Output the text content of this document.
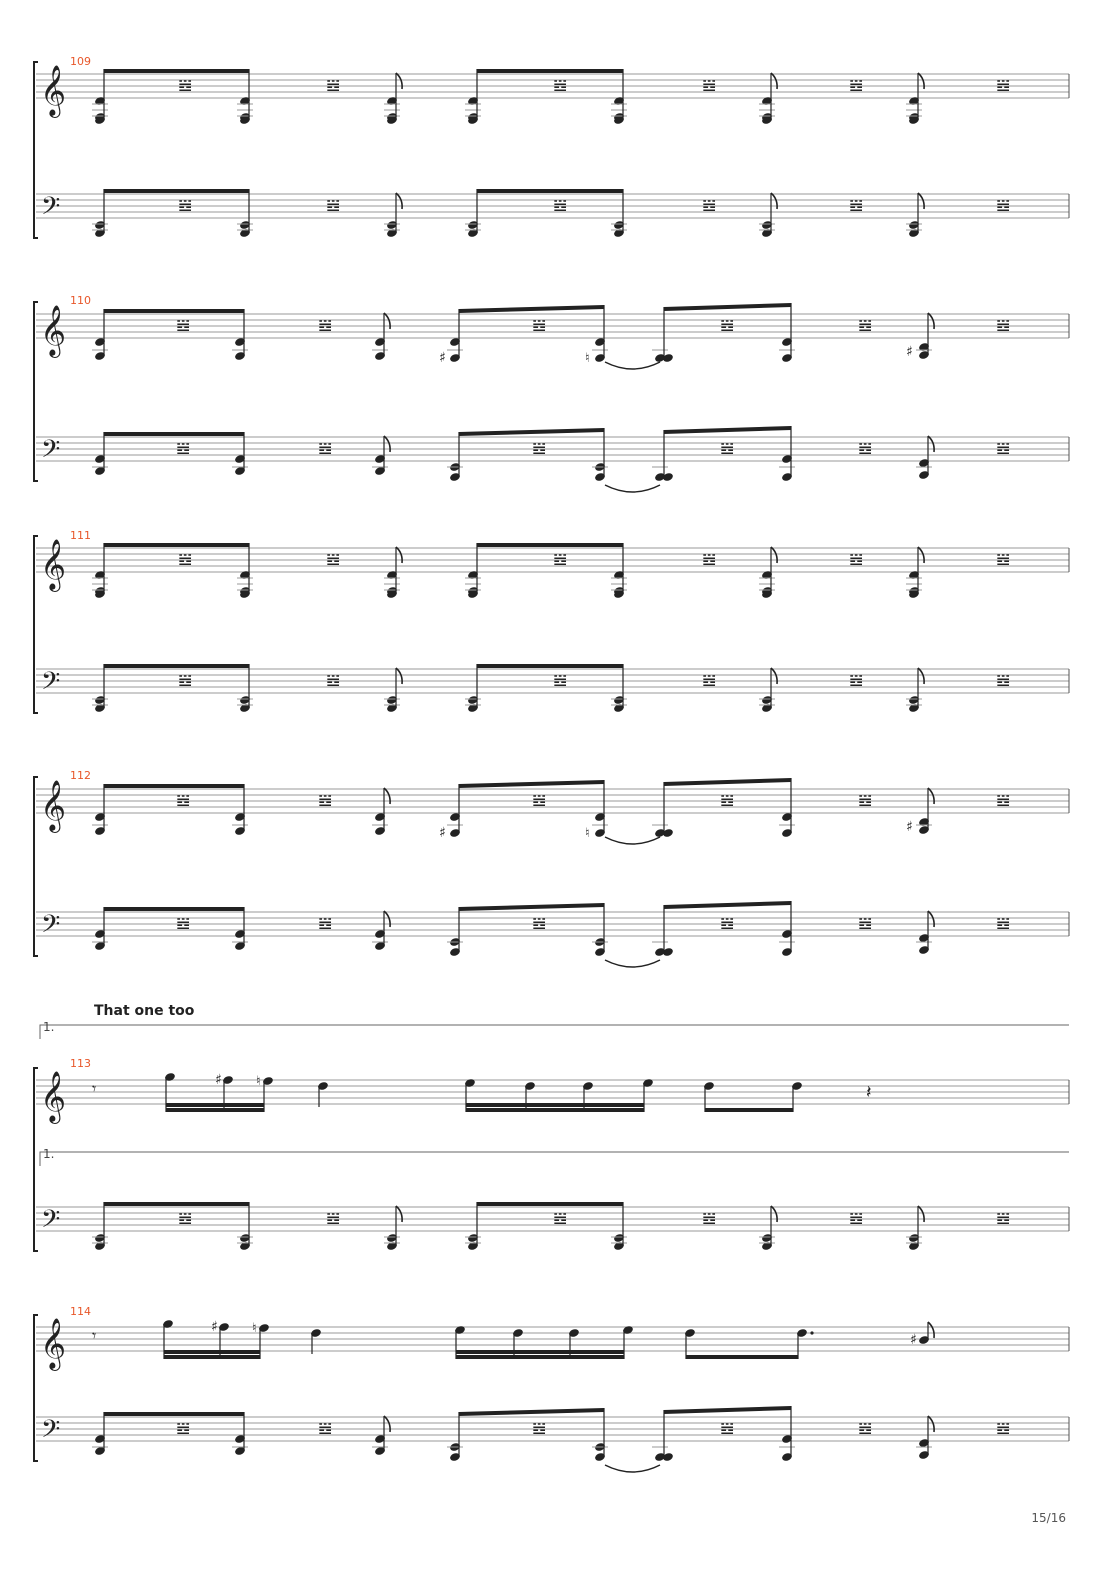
𝄞	𝌿	𝌿	𝌿	𝌿	𝌿	𝌿
𝄢	𝌿	𝌿	𝌿	𝌿	𝌿	𝌿
𝄞	𝌿	𝌿
♯
𝌿
♮
𝌿	𝌿
♯
𝌿
𝄢	𝌿	𝌿	𝌿	𝌿	𝌿	𝌿
𝄞	𝌿	𝌿	𝌿	𝌿	𝌿	𝌿
𝄢	𝌿	𝌿	𝌿	𝌿	𝌿	𝌿
𝄞	𝌿	𝌿
♯
𝌿
♮
𝌿	𝌿
♯
𝌿
𝄢	𝌿	𝌿	𝌿	𝌿	𝌿	𝌿
𝄞 𝄾	♯	♮
𝄽
𝄢	𝌿	𝌿	𝌿	𝌿	𝌿	𝌿
𝄞 𝄾	♯	♮
♯
𝄢	𝌿	𝌿	𝌿	𝌿	𝌿	𝌿
109
110
111
112
113
114
That one too
1.
1.
15/16
